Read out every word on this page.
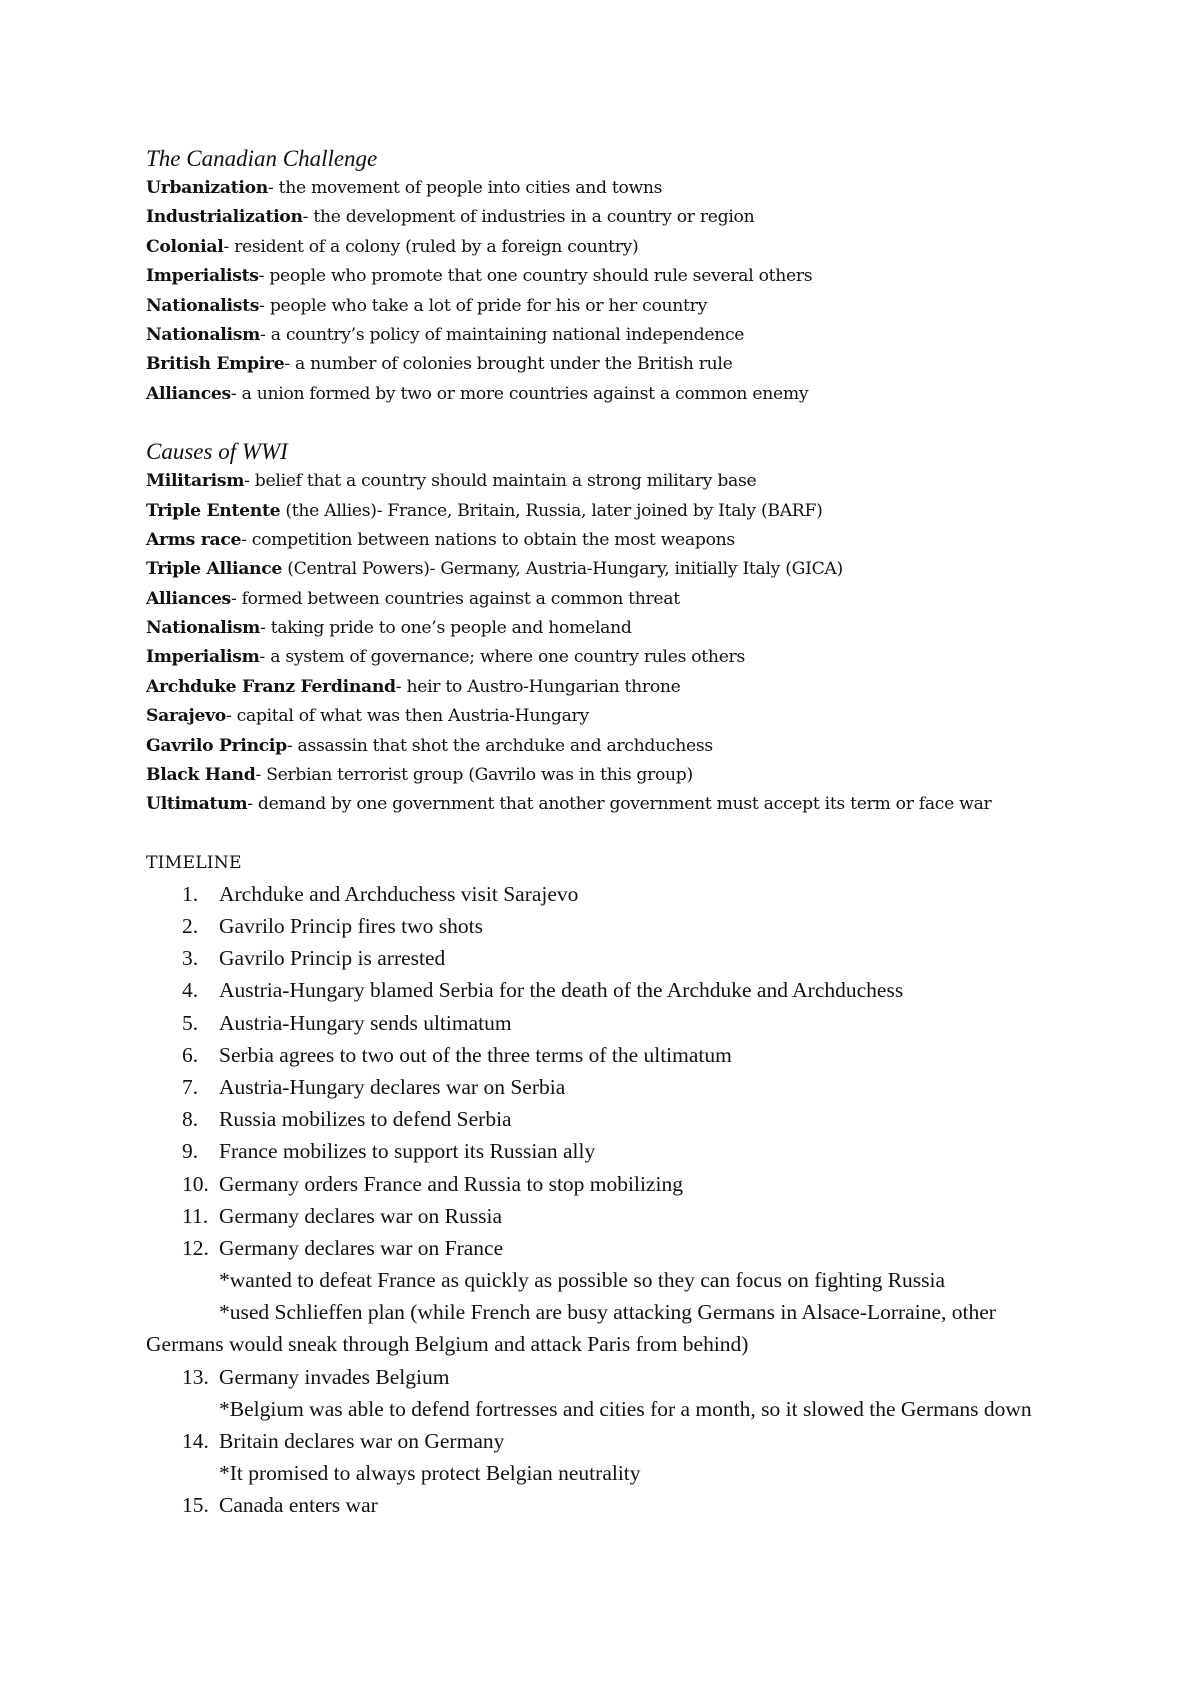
The Canadian Challenge
Urbanization- the movement of people into cities and towns
Industrialization- the development of industries in a country or region
Colonial- resident of a colony (ruled by a foreign country)
Imperialists- people who promote that one country should rule several others
Nationalists- people who take a lot of pride for his or her country
Nationalism- a country’s policy of maintaining national independence
British Empire- a number of colonies brought under the British rule
Alliances- a union formed by two or more countries against a common enemy
Causes of WWI
Militarism- belief that a country should maintain a strong military base
Triple Entente (the Allies)- France, Britain, Russia, later joined by Italy (BARF)
Arms race- competition between nations to obtain the most weapons
Triple Alliance (Central Powers)- Germany, Austria-Hungary, initially Italy (GICA)
Alliances- formed between countries against a common threat
Nationalism- taking pride to one’s people and homeland
Imperialism- a system of governance; where one country rules others
Archduke Franz Ferdinand- heir to Austro-Hungarian throne
Sarajevo- capital of what was then Austria-Hungary
Gavrilo Princip- assassin that shot the archduke and archduchess
Black Hand- Serbian terrorist group (Gavrilo was in this group)
Ultimatum- demand by one government that another government must accept its term or face war
TIMELINE
1. Archduke and Archduchess visit Sarajevo
2. Gavrilo Princip fires two shots
3. Gavrilo Princip is arrested
4. Austria-Hungary blamed Serbia for the death of the Archduke and Archduchess
5. Austria-Hungary sends ultimatum
6. Serbia agrees to two out of the three terms of the ultimatum
7. Austria-Hungary declares war on Serbia
8. Russia mobilizes to defend Serbia
9. France mobilizes to support its Russian ally
10. Germany orders France and Russia to stop mobilizing
11. Germany declares war on Russia
12. Germany declares war on France
*wanted to defeat France as quickly as possible so they can focus on fighting Russia
*used Schlieffen plan (while French are busy attacking Germans in Alsace-Lorraine, other Germans would sneak through Belgium and attack Paris from behind)
13. Germany invades Belgium
*Belgium was able to defend fortresses and cities for a month, so it slowed the Germans down
14. Britain declares war on Germany
*It promised to always protect Belgian neutrality
15. Canada enters war
